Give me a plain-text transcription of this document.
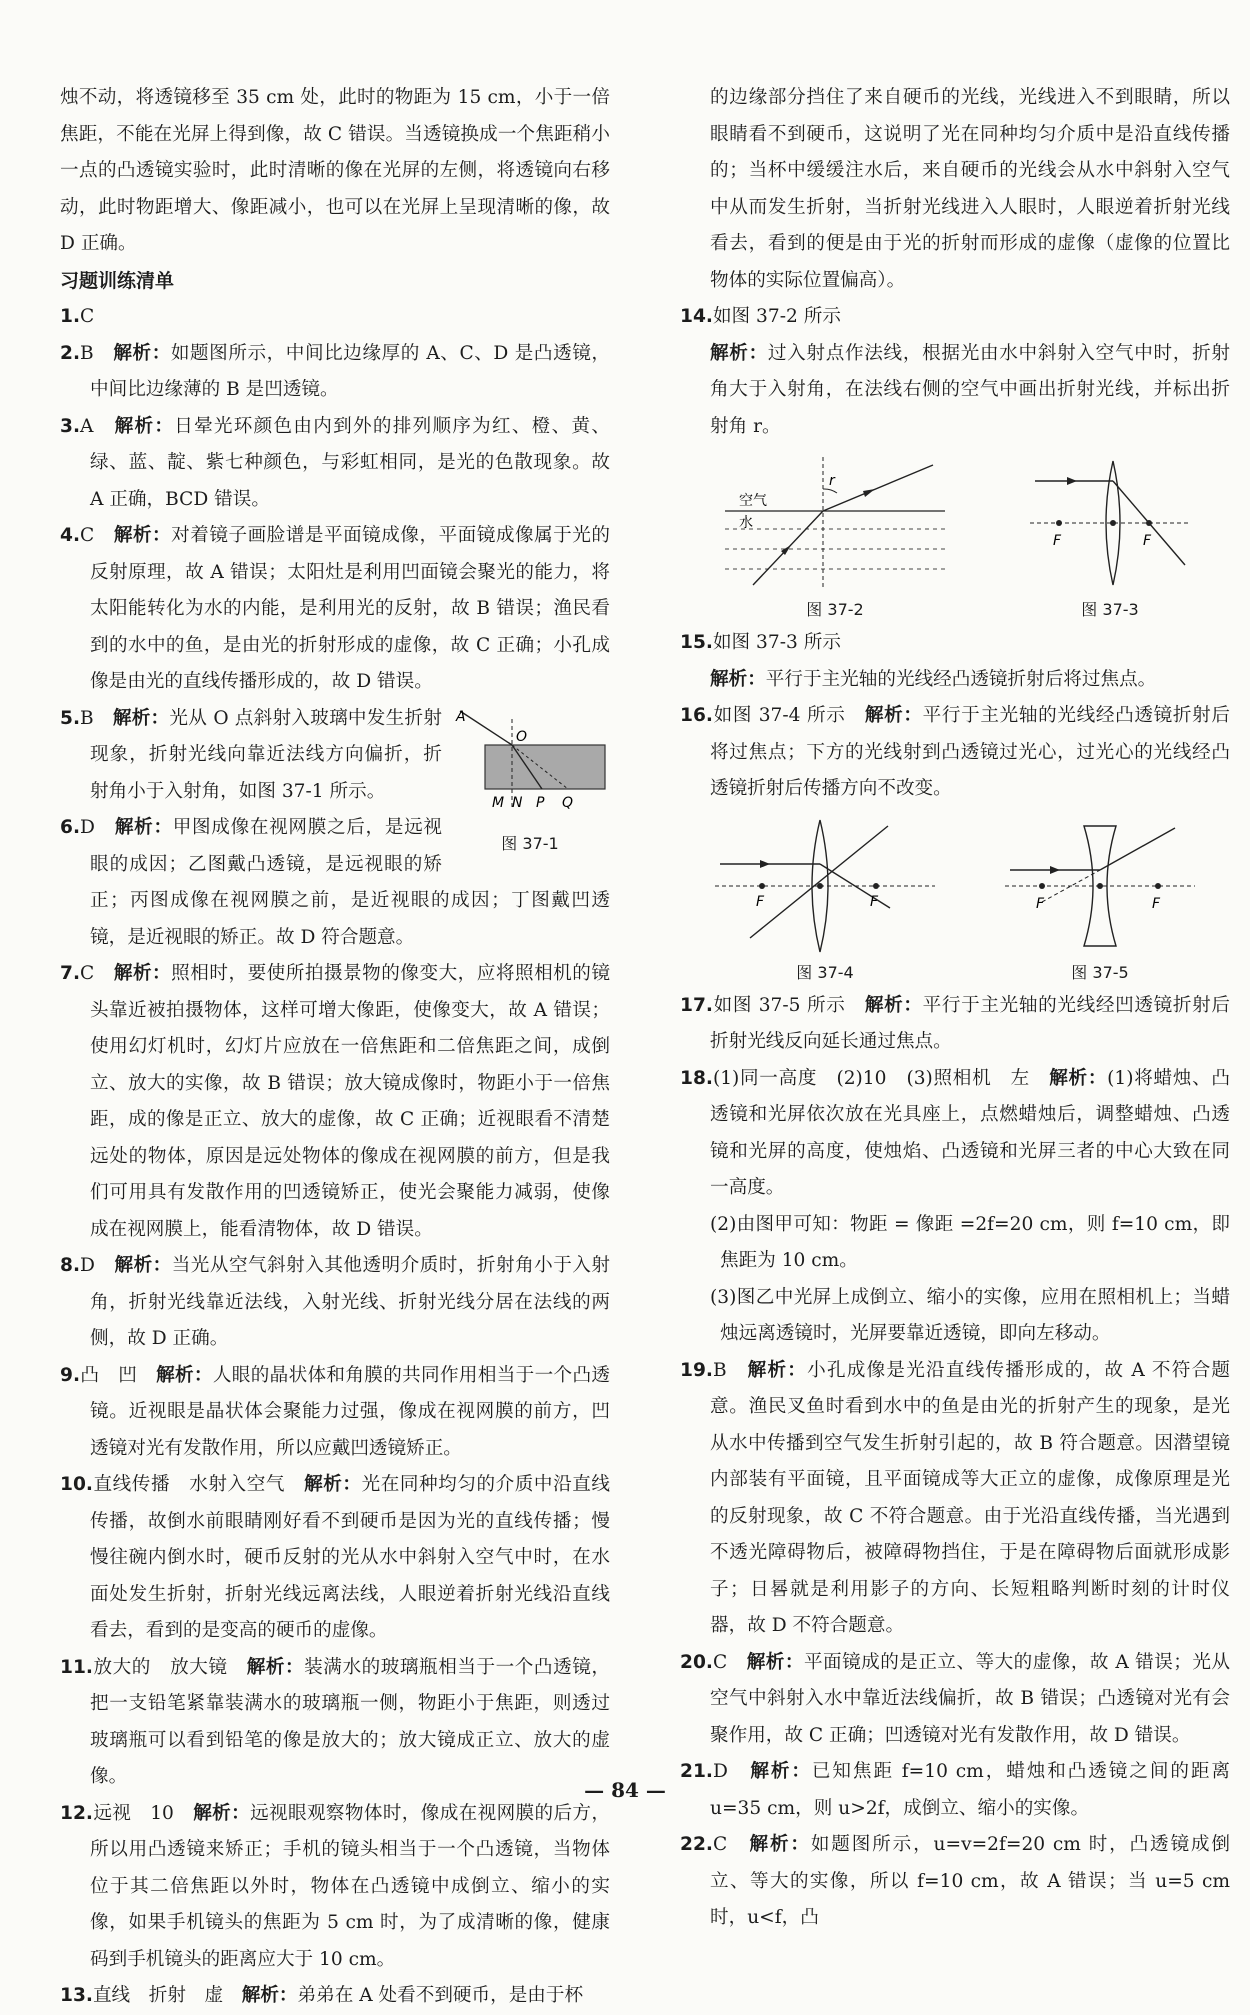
烛不动，将透镜移至 35 cm 处，此时的物距为 15 cm，小于一倍焦距，不能在光屏上得到像，故 C 错误。当透镜换成一个焦距稍小一点的凸透镜实验时，此时清晰的像在光屏的左侧，将透镜向右移动，此时物距增大、像距减小，也可以在光屏上呈现清晰的像，故 D 正确。

习题训练清单

1.C

2.B　 解析：如题图所示，中间比边缘厚的 A、C、D 是凸透镜，中间比边缘薄的 B 是凹透镜。

3.A　 解析：日晕光环颜色由内到外的排列顺序为红、橙、黄、绿、蓝、靛、紫七种颜色，与彩虹相同，是光的色散现象。故 A 正确，BCD 错误。

4.C　 解析：对着镜子画脸谱是平面镜成像，平面镜成像属于光的反射原理，故 A 错误；太阳灶是利用凹面镜会聚光的能力，将太阳能转化为水的内能，是利用光的反射，故 B 错误；渔民看到的水中的鱼，是由光的折射形成的虚像，故 C 正确；小孔成像是由光的直线传播形成的，故 D 错误。

A
O
M N P Q
图 37-1

5.B　 解析：光从 O 点斜射入玻璃中发生折射现象，折射光线向靠近法线方向偏折，折射角小于入射角，如图 37-1 所示。

6.D　 解析：甲图成像在视网膜之后，是远视眼的成因；乙图戴凸透镜，是远视眼的矫正；丙图成像在视网膜之前，是近视眼的成因；丁图戴凹透镜，是近视眼的矫正。故 D 符合题意。

7.C　 解析：照相时，要使所拍摄景物的像变大，应将照相机的镜头靠近被拍摄物体，这样可增大像距，使像变大，故 A 错误；使用幻灯机时，幻灯片应放在一倍焦距和二倍焦距之间，成倒立、放大的实像，故 B 错误；放大镜成像时，物距小于一倍焦距，成的像是正立、放大的虚像，故 C 正确；近视眼看不清楚远处的物体，原因是远处物体的像成在视网膜的前方，但是我们可用具有发散作用的凹透镜矫正，使光会聚能力减弱，使像成在视网膜上，能看清物体，故 D 错误。

8.D　 解析：当光从空气斜射入其他透明介质时，折射角小于入射角，折射光线靠近法线，入射光线、折射光线分居在法线的两侧，故 D 正确。

9.凸　凹　 解析：人眼的晶状体和角膜的共同作用相当于一个凸透镜。近视眼是晶状体会聚能力过强，像成在视网膜的前方，凹透镜对光有发散作用，所以应戴凹透镜矫正。

10.直线传播　水射入空气　 解析：光在同种均匀的介质中沿直线传播，故倒水前眼睛刚好看不到硬币是因为光的直线传播；慢慢往碗内倒水时，硬币反射的光从水中斜射入空气中时，在水面处发生折射，折射光线远离法线，人眼逆着折射光线沿直线看去，看到的是变高的硬币的虚像。

11.放大的　放大镜　 解析：装满水的玻璃瓶相当于一个凸透镜，把一支铅笔紧靠装满水的玻璃瓶一侧，物距小于焦距，则透过玻璃瓶可以看到铅笔的像是放大的；放大镜成正立、放大的虚像。

12.远视　10　 解析：远视眼观察物体时，像成在视网膜的后方，所以用凸透镜来矫正；手机的镜头相当于一个凸透镜，当物体位于其二倍焦距以外时，物体在凸透镜中成倒立、缩小的实像，如果手机镜头的焦距为 5 cm 时，为了成清晰的像，健康码到手机镜头的距离应大于 10 cm。

13.直线　折射　虚　 解析：弟弟在 A 处看不到硬币，是由于杯

的边缘部分挡住了来自硬币的光线，光线进入不到眼睛，所以眼睛看不到硬币，这说明了光在同种均匀介质中是沿直线传播的；当杯中缓缓注水后，来自硬币的光线会从水中斜射入空气中从而发生折射，当折射光线进入人眼时，人眼逆着折射光线看去，看到的便是由于光的折射而形成的虚像（虚像的位置比物体的实际位置偏高）。

14.如图 37-2 所示
解析：过入射点作法线，根据光由水中斜射入空气中时，折射角大于入射角，在法线右侧的空气中画出折射光线，并标出折射角 r。

空气
水
r
图 37-2
F	F
图 37-3

15.如图 37-3 所示
解析：平行于主光轴的光线经凸透镜折射后将过焦点。

16.如图 37-4 所示　 解析：平行于主光轴的光线经凸透镜折射后将过焦点；下方的光线射到凸透镜过光心，过光心的光线经凸透镜折射后传播方向不改变。

F	F
图 37-4
F	F
图 37-5

17.如图 37-5 所示　 解析：平行于主光轴的光线经凹透镜折射后折射光线反向延长通过焦点。

18.(1)同一高度　(2)10　(3)照相机　左　 解析：(1)将蜡烛、凸透镜和光屏依次放在光具座上，点燃蜡烛后，调整蜡烛、凸透镜和光屏的高度，使烛焰、凸透镜和光屏三者的中心大致在同一高度。

(2)由图甲可知：物距 = 像距 =2f=20 cm，则 f=10 cm，即焦距为 10 cm。

(3)图乙中光屏上成倒立、缩小的实像，应用在照相机上；当蜡烛远离透镜时，光屏要靠近透镜，即向左移动。

19.B　 解析：小孔成像是光沿直线传播形成的，故 A 不符合题意。渔民叉鱼时看到水中的鱼是由光的折射产生的现象，是光从水中传播到空气发生折射引起的，故 B 符合题意。因潜望镜内部装有平面镜，且平面镜成等大正立的虚像，成像原理是光的反射现象，故 C 不符合题意。由于光沿直线传播，当光遇到不透光障碍物后，被障碍物挡住，于是在障碍物后面就形成影子；日晷就是利用影子的方向、长短粗略判断时刻的计时仪器，故 D 不符合题意。

20.C　 解析：平面镜成的是正立、等大的虚像，故 A 错误；光从空气中斜射入水中靠近法线偏折，故 B 错误；凸透镜对光有会聚作用，故 C 正确；凹透镜对光有发散作用，故 D 错误。

21.D　 解析：已知焦距 f=10 cm，蜡烛和凸透镜之间的距离 u=35 cm，则 u>2f，成倒立、缩小的实像。

22.C　 解析：如题图所示，u=v=2f=20 cm 时，凸透镜成倒立、等大的实像，所以 f=10 cm，故 A 错误；当 u=5 cm 时，u<f，凸

— 84 —
